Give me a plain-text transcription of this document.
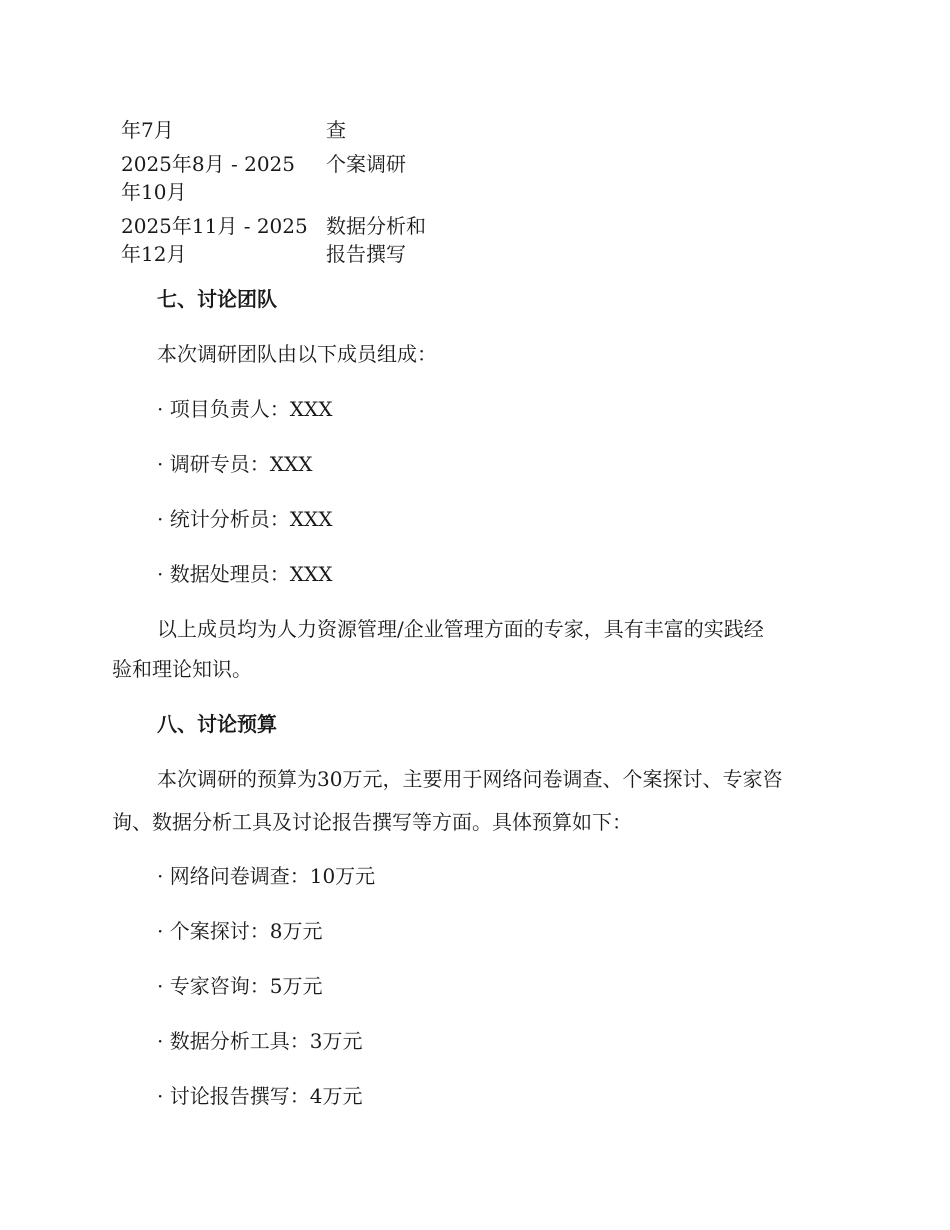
年7月	查
2025年8月 - 2025
年10月
个案调研
2025年11月 - 2025
年12月
数据分析和
报告撰写
七、讨论团队
本次调研团队由以下成员组成：
· 项目负责人：XXX
· 调研专员：XXX
· 统计分析员：XXX
· 数据处理员：XXX
以上成员均为人力资源管理/企业管理方面的专家，具有丰富的实践经
验和理论知识。
八、讨论预算
本次调研的预算为30万元，主要用于网络问卷调查、个案探讨、专家咨
询、数据分析工具及讨论报告撰写等方面。具体预算如下：
· 网络问卷调查：10万元
· 个案探讨：8万元
· 专家咨询：5万元
· 数据分析工具：3万元
· 讨论报告撰写：4万元
